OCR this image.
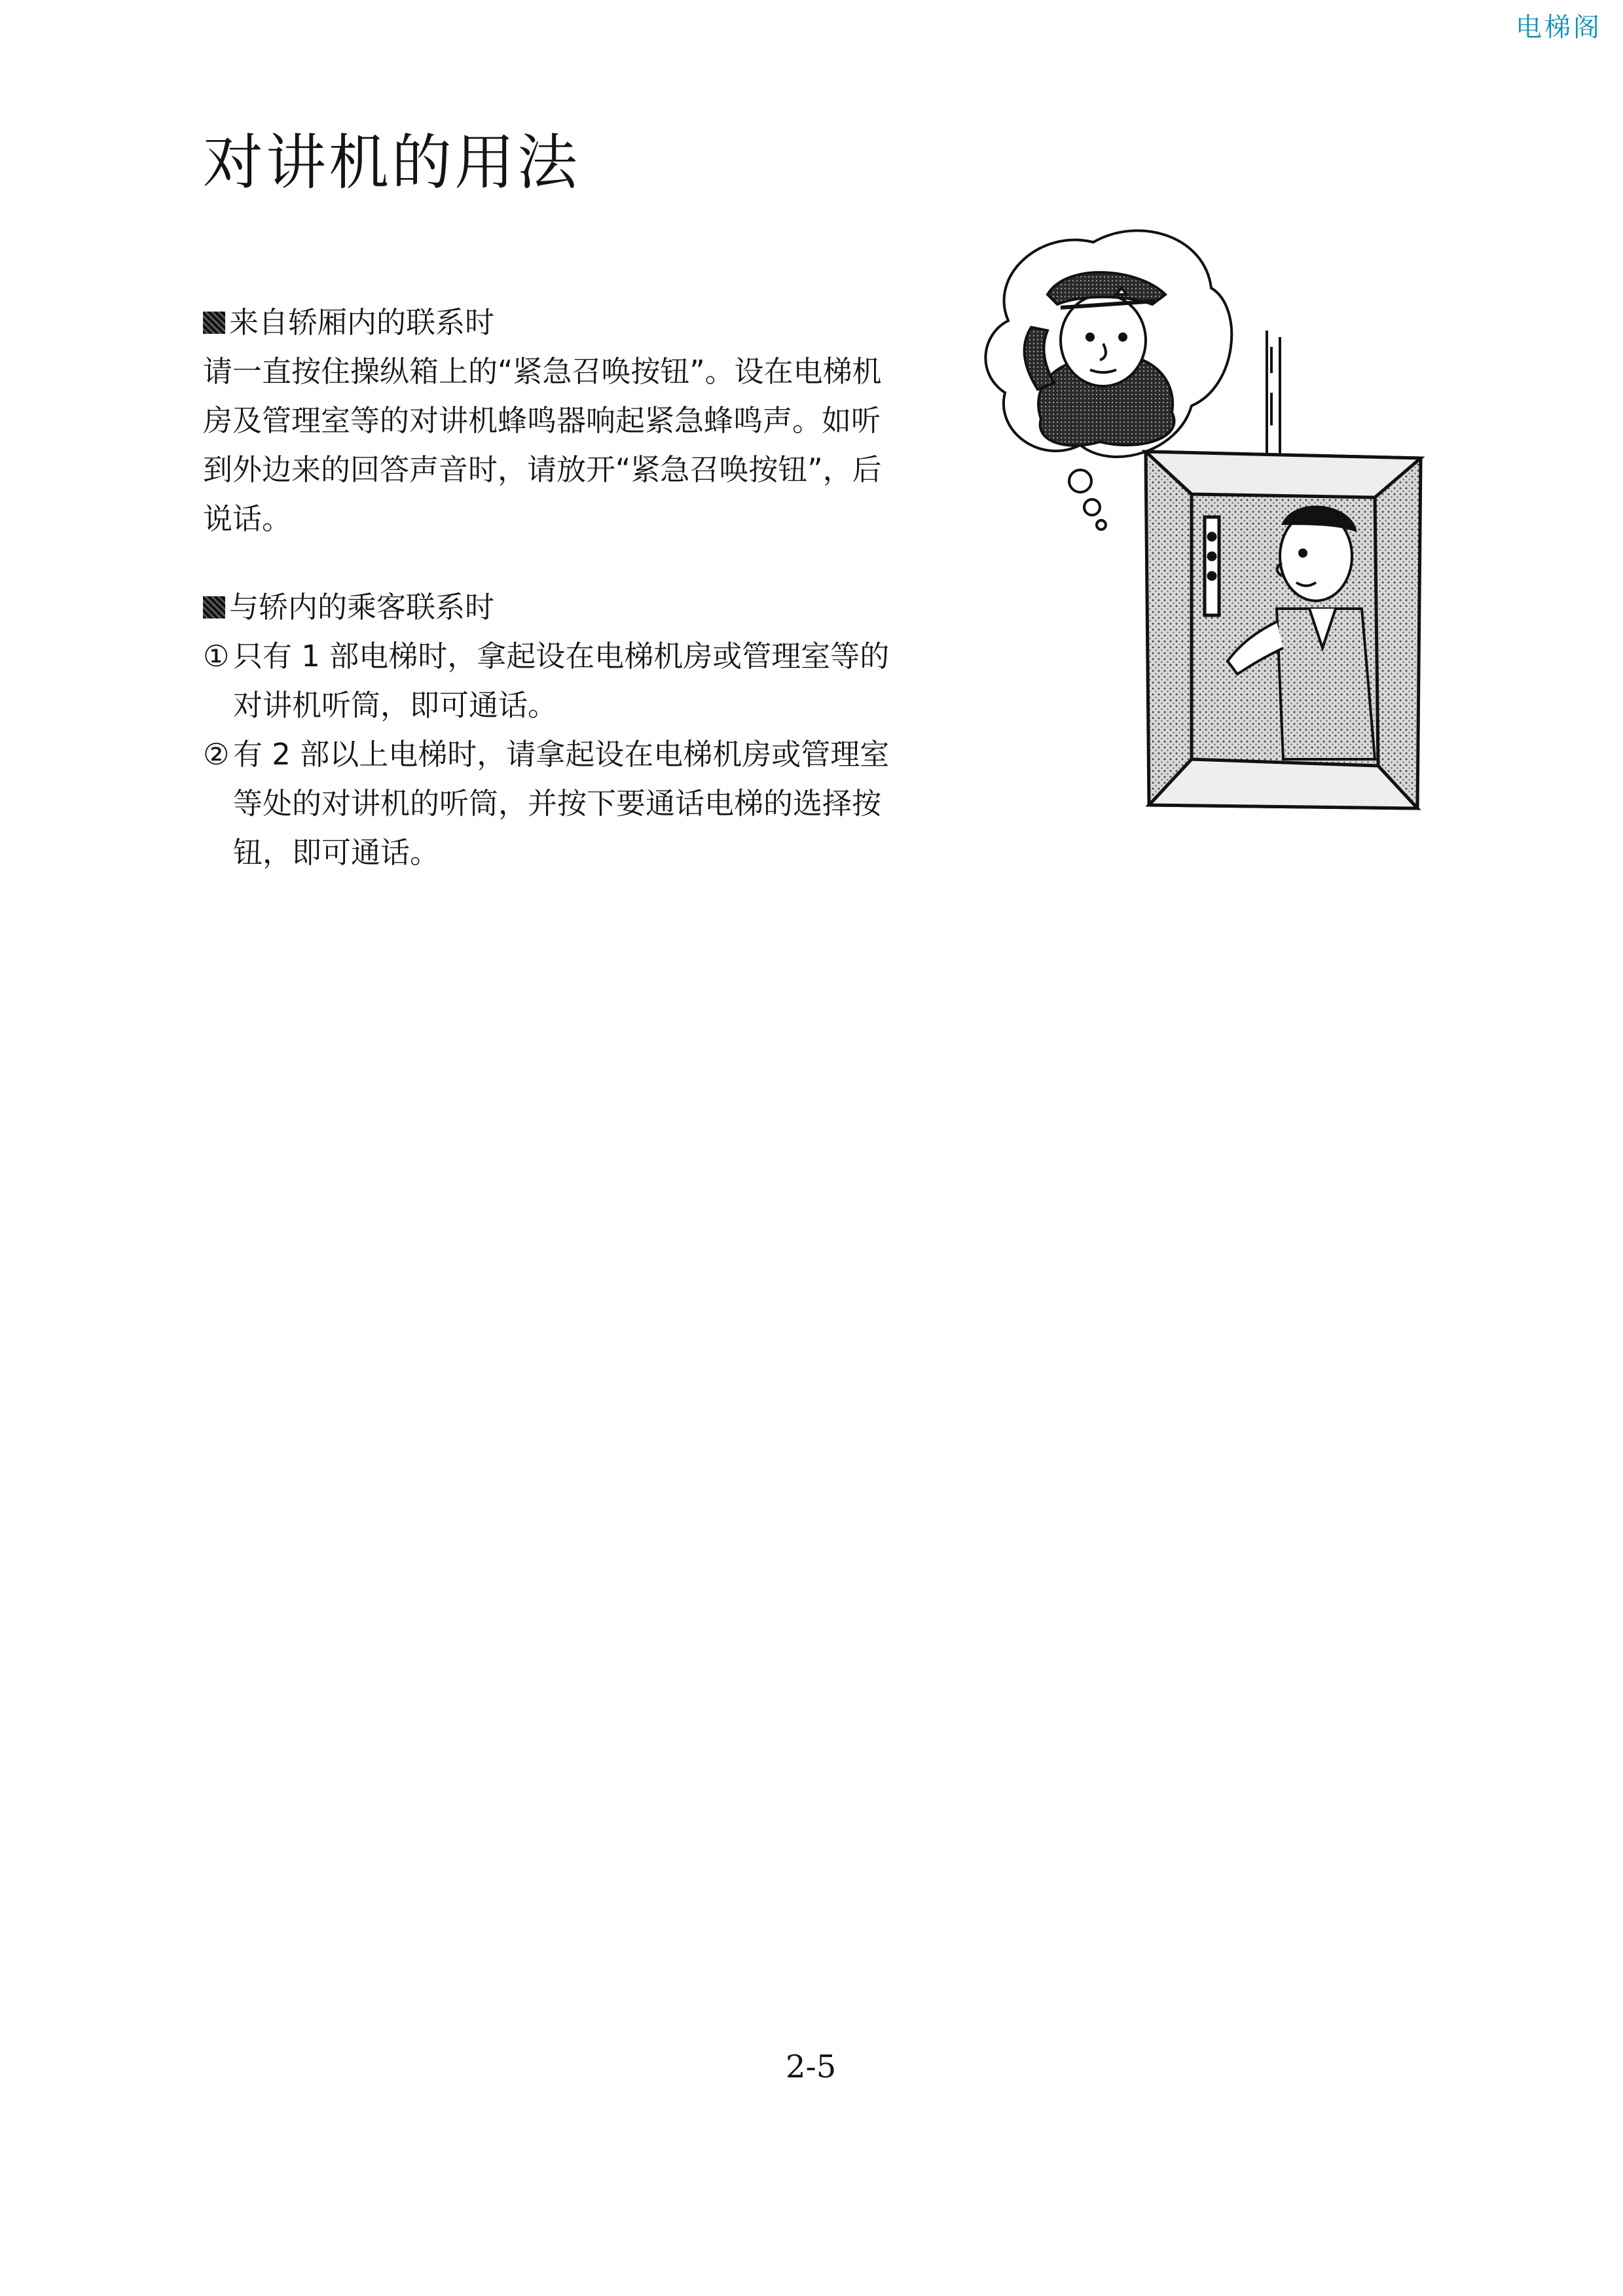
电梯阁
对讲机的用法
来自轿厢内的联系时
请一直按住操纵箱上的“紧急召唤按钮”。设在电梯机房及管理室等的对讲机蜂鸣器响起紧急蜂鸣声。如听到外边来的回答声音时，请放开“紧急召唤按钮”，后说话。
与轿内的乘客联系时
① 只有 1 部电梯时，拿起设在电梯机房或管理室等的对讲机听筒，即可通话。
② 有 2 部以上电梯时，请拿起设在电梯机房或管理室等处的对讲机的听筒，并按下要通话电梯的选择按钮，即可通话。
2-5
